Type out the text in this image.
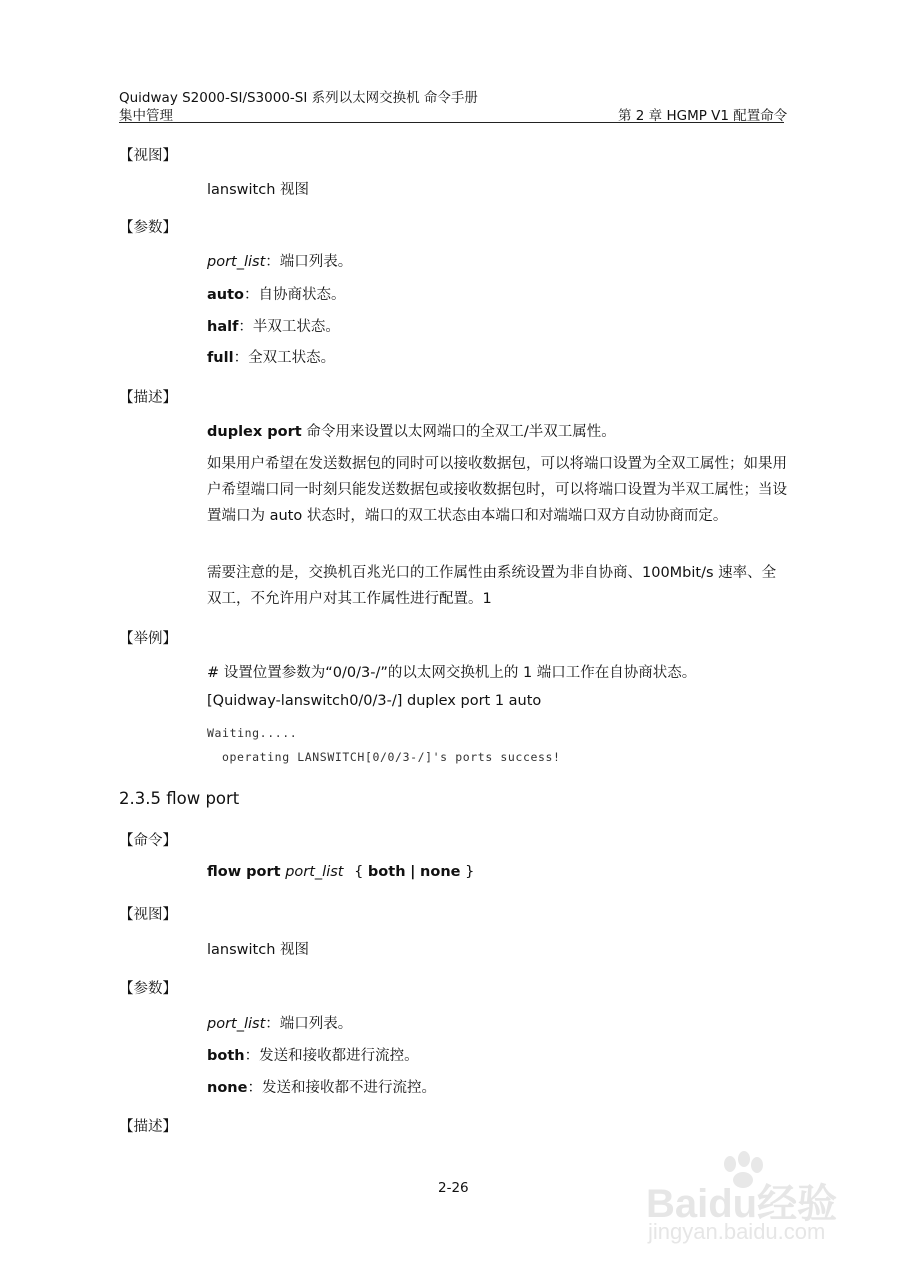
Quidway S2000-SI/S3000-SI 系列以太网交换机 命令手册
集中管理	第 2 章 HGMP V1 配置命令
【视图】
lanswitch 视图
【参数】
port_list：端口列表。
auto：自协商状态。
half：半双工状态。
full：全双工状态。
【描述】
duplex port 命令用来设置以太网端口的全双工/半双工属性。
如果用户希望在发送数据包的同时可以接收数据包，可以将端口设置为全双工属性；如果用户希望端口同一时刻只能发送数据包或接收数据包时，可以将端口设置为半双工属性；当设置端口为 auto 状态时，端口的双工状态由本端口和对端端口双方自动协商而定。
需要注意的是，交换机百兆光口的工作属性由系统设置为非自协商、100Mbit/s 速率、全双工，不允许用户对其工作属性进行配置。1
【举例】
# 设置位置参数为“0/0/3-/”的以太网交换机上的 1 端口工作在自协商状态。
[Quidway-lanswitch0/0/3-/] duplex port 1 auto
Waiting.....
operating LANSWITCH[0/0/3-/]'s ports success!
2.3.5 flow port
【命令】
flow port port_list { both | none }
【视图】
lanswitch 视图
【参数】
port_list：端口列表。
both：发送和接收都进行流控。
none：发送和接收都不进行流控。
【描述】
2-26	Baidu经验
jingyan.baidu.com
